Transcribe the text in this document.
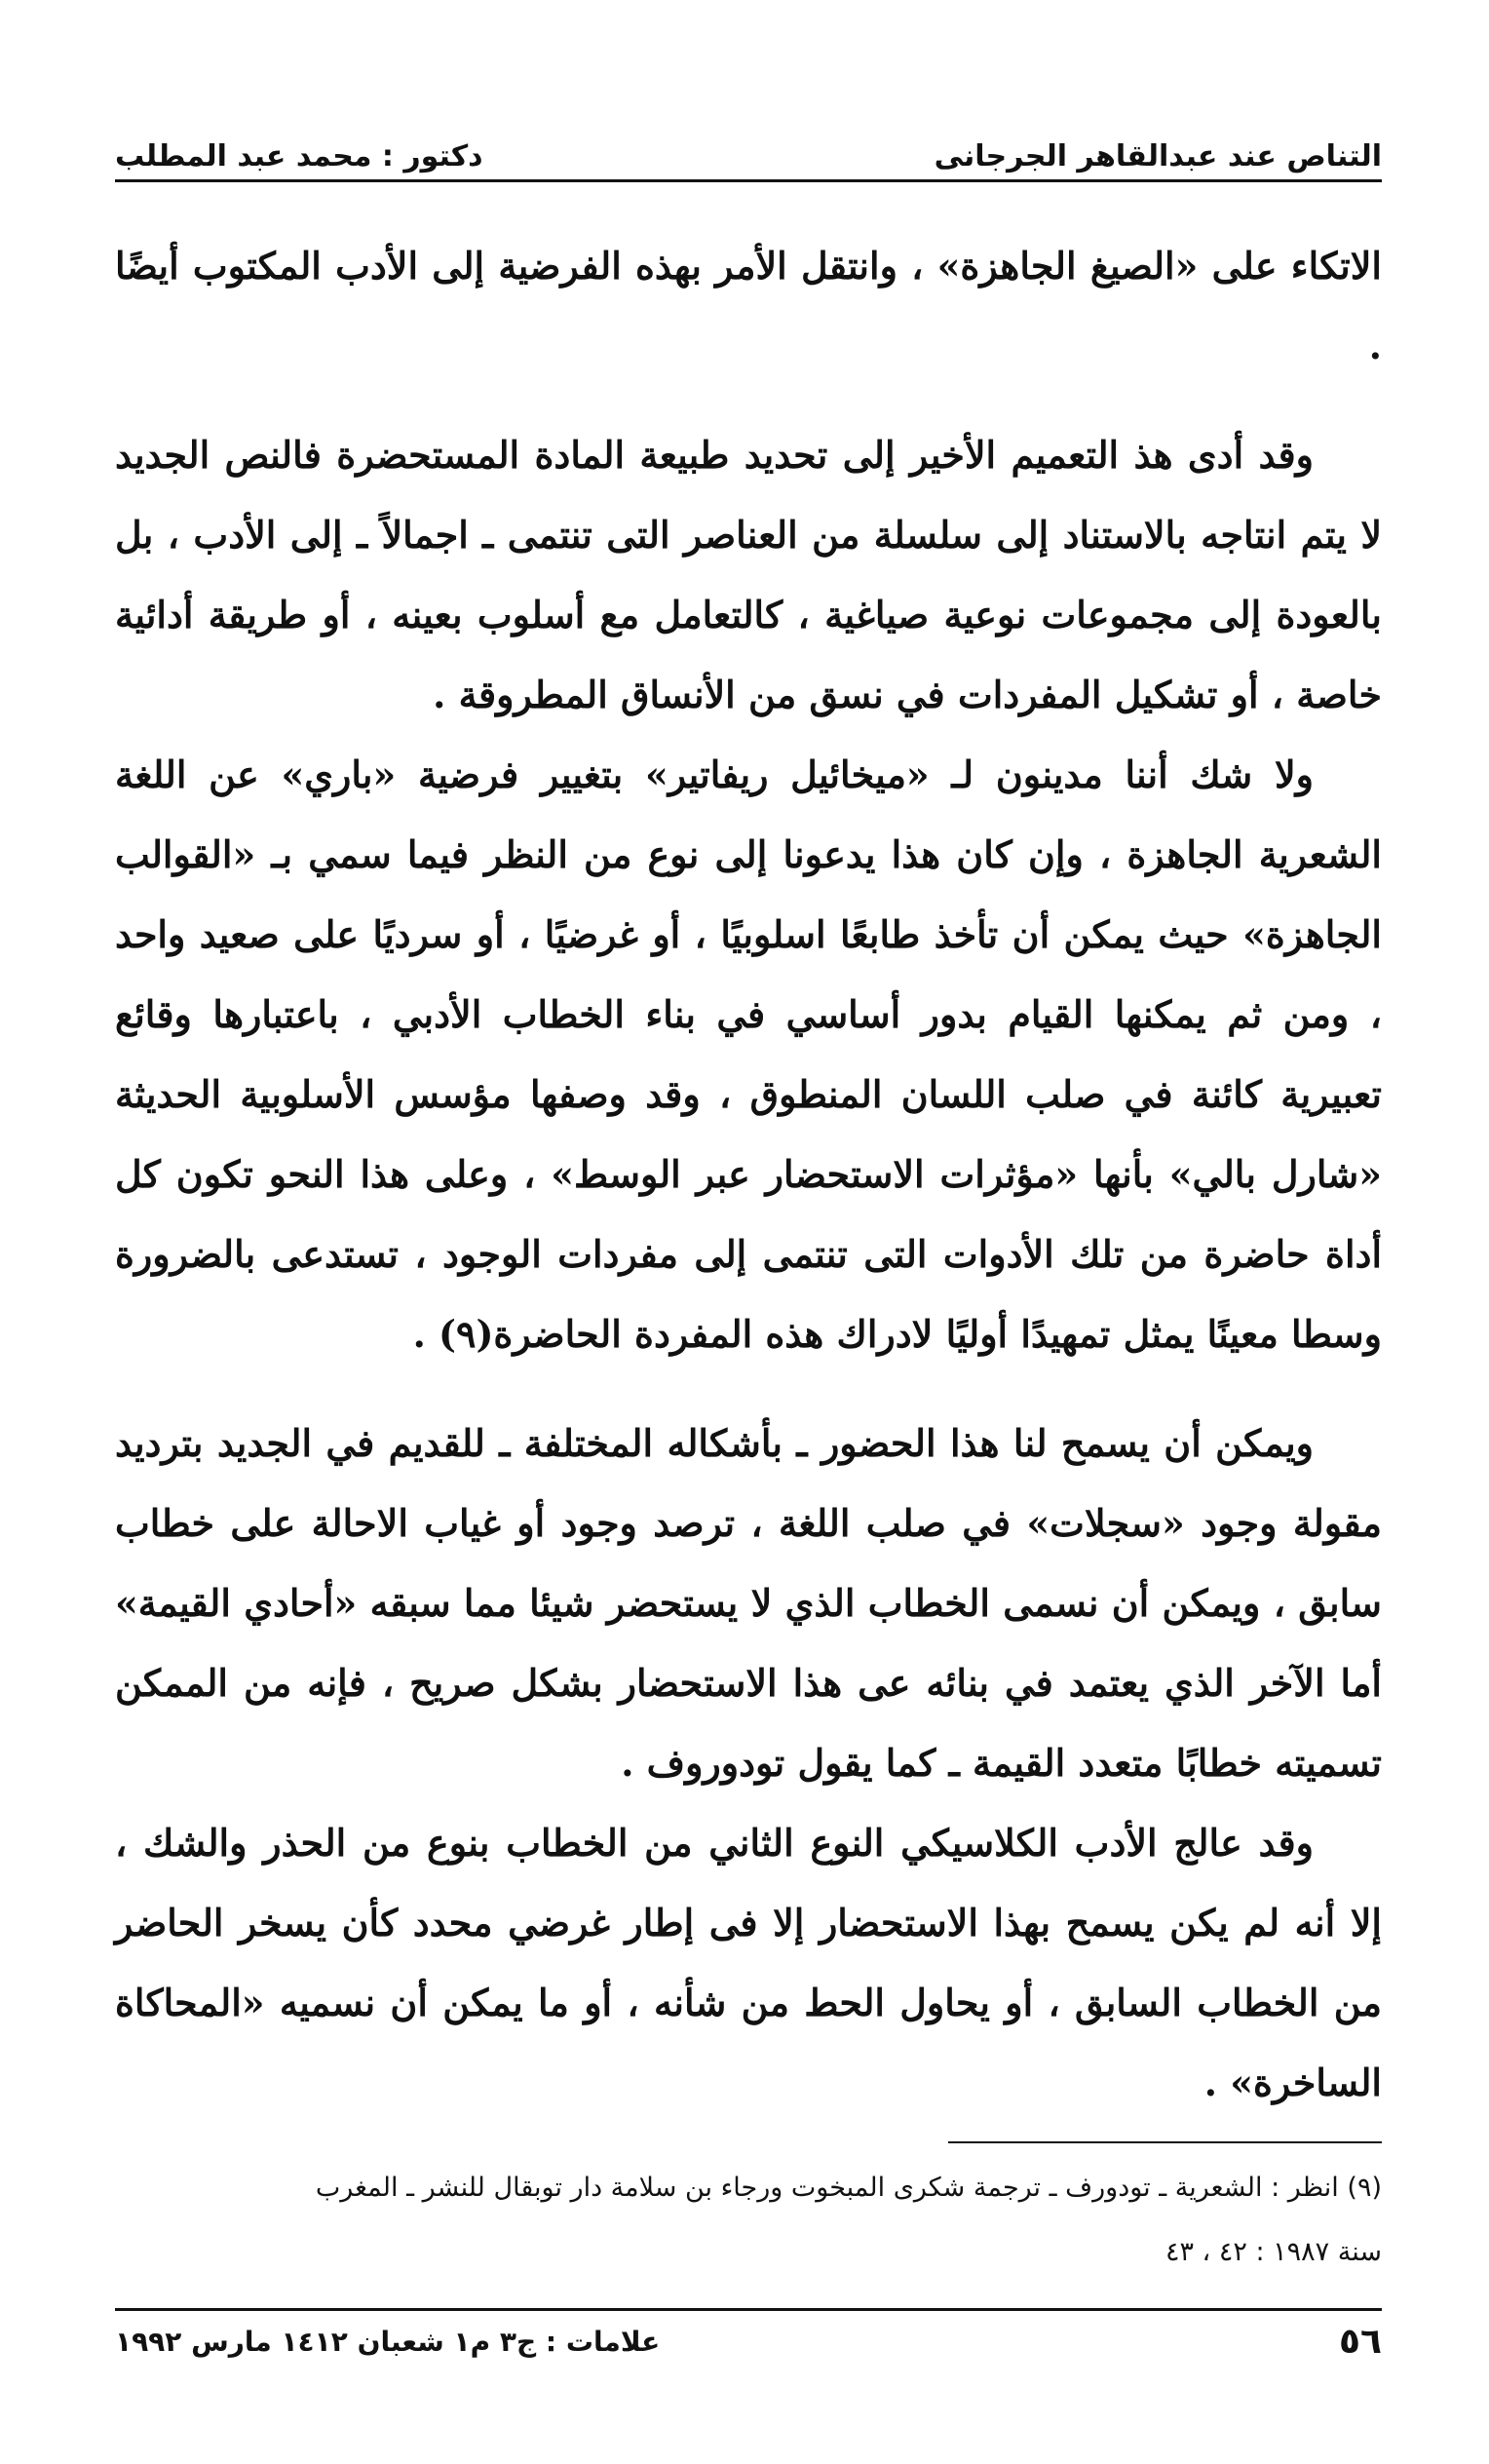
التناص عند عبدالقاهر الجرجانى
دكتور : محمد عبد المطلب

الاتكاء على «الصيغ الجاهزة» ، وانتقل الأمر بهذه الفرضية إلى الأدب المكتوب أيضًا .

وقد أدى هذ التعميم الأخير إلى تحديد طبيعة المادة المستحضرة فالنص الجديد لا يتم انتاجه بالاستناد إلى سلسلة من العناصر التى تنتمى ـ اجمالاً ـ إلى الأدب ، بل بالعودة إلى مجموعات نوعية صياغية ، كالتعامل مع أسلوب بعينه ، أو طريقة أدائية خاصة ، أو تشكيل المفردات في نسق من الأنساق المطروقة .

ولا شك أننا مدينون لـ «ميخائيل ريفاتير» بتغيير فرضية «باري» عن اللغة الشعرية الجاهزة ، وإن كان هذا يدعونا إلى نوع من النظر فيما سمي بـ «القوالب الجاهزة» حيث يمكن أن تأخذ طابعًا اسلوبيًا ، أو غرضيًا ، أو سرديًا على صعيد واحد ، ومن ثم يمكنها القيام بدور أساسي في بناء الخطاب الأدبي ، باعتبارها وقائع تعبيرية كائنة في صلب اللسان المنطوق ، وقد وصفها مؤسس الأسلوبية الحديثة «شارل بالي» بأنها «مؤثرات الاستحضار عبر الوسط» ، وعلى هذا النحو تكون كل أداة حاضرة من تلك الأدوات التى تنتمى إلى مفردات الوجود ، تستدعى بالضرورة وسطا معينًا يمثل تمهيدًا أوليًا لادراك هذه المفردة الحاضرة(٩) .

ويمكن أن يسمح لنا هذا الحضور ـ بأشكاله المختلفة ـ للقديم في الجديد بترديد مقولة وجود «سجلات» في صلب اللغة ، ترصد وجود أو غياب الاحالة على خطاب سابق ، ويمكن أن نسمى الخطاب الذي لا يستحضر شيئا مما سبقه «أحادي القيمة» أما الآخر الذي يعتمد في بنائه عى هذا الاستحضار بشكل صريح ، فإنه من الممكن تسميته خطابًا متعدد القيمة ـ كما يقول تودوروف .

وقد عالج الأدب الكلاسيكي النوع الثاني من الخطاب بنوع من الحذر والشك ، إلا أنه لم يكن يسمح بهذا الاستحضار إلا فى إطار غرضي محدد كأن يسخر الحاضر من الخطاب السابق ، أو يحاول الحط من شأنه ، أو ما يمكن أن نسميه «المحاكاة الساخرة» .

(٩) انظر : الشعرية ـ تودورف ـ ترجمة شكرى المبخوت ورجاء بن سلامة دار توبقال للنشر ـ المغرب
سنة ١٩٨٧ : ٤٢ ، ٤٣
٥٦
علامات : ج٣ م١ شعبان ١٤١٢ مارس ١٩٩٢
